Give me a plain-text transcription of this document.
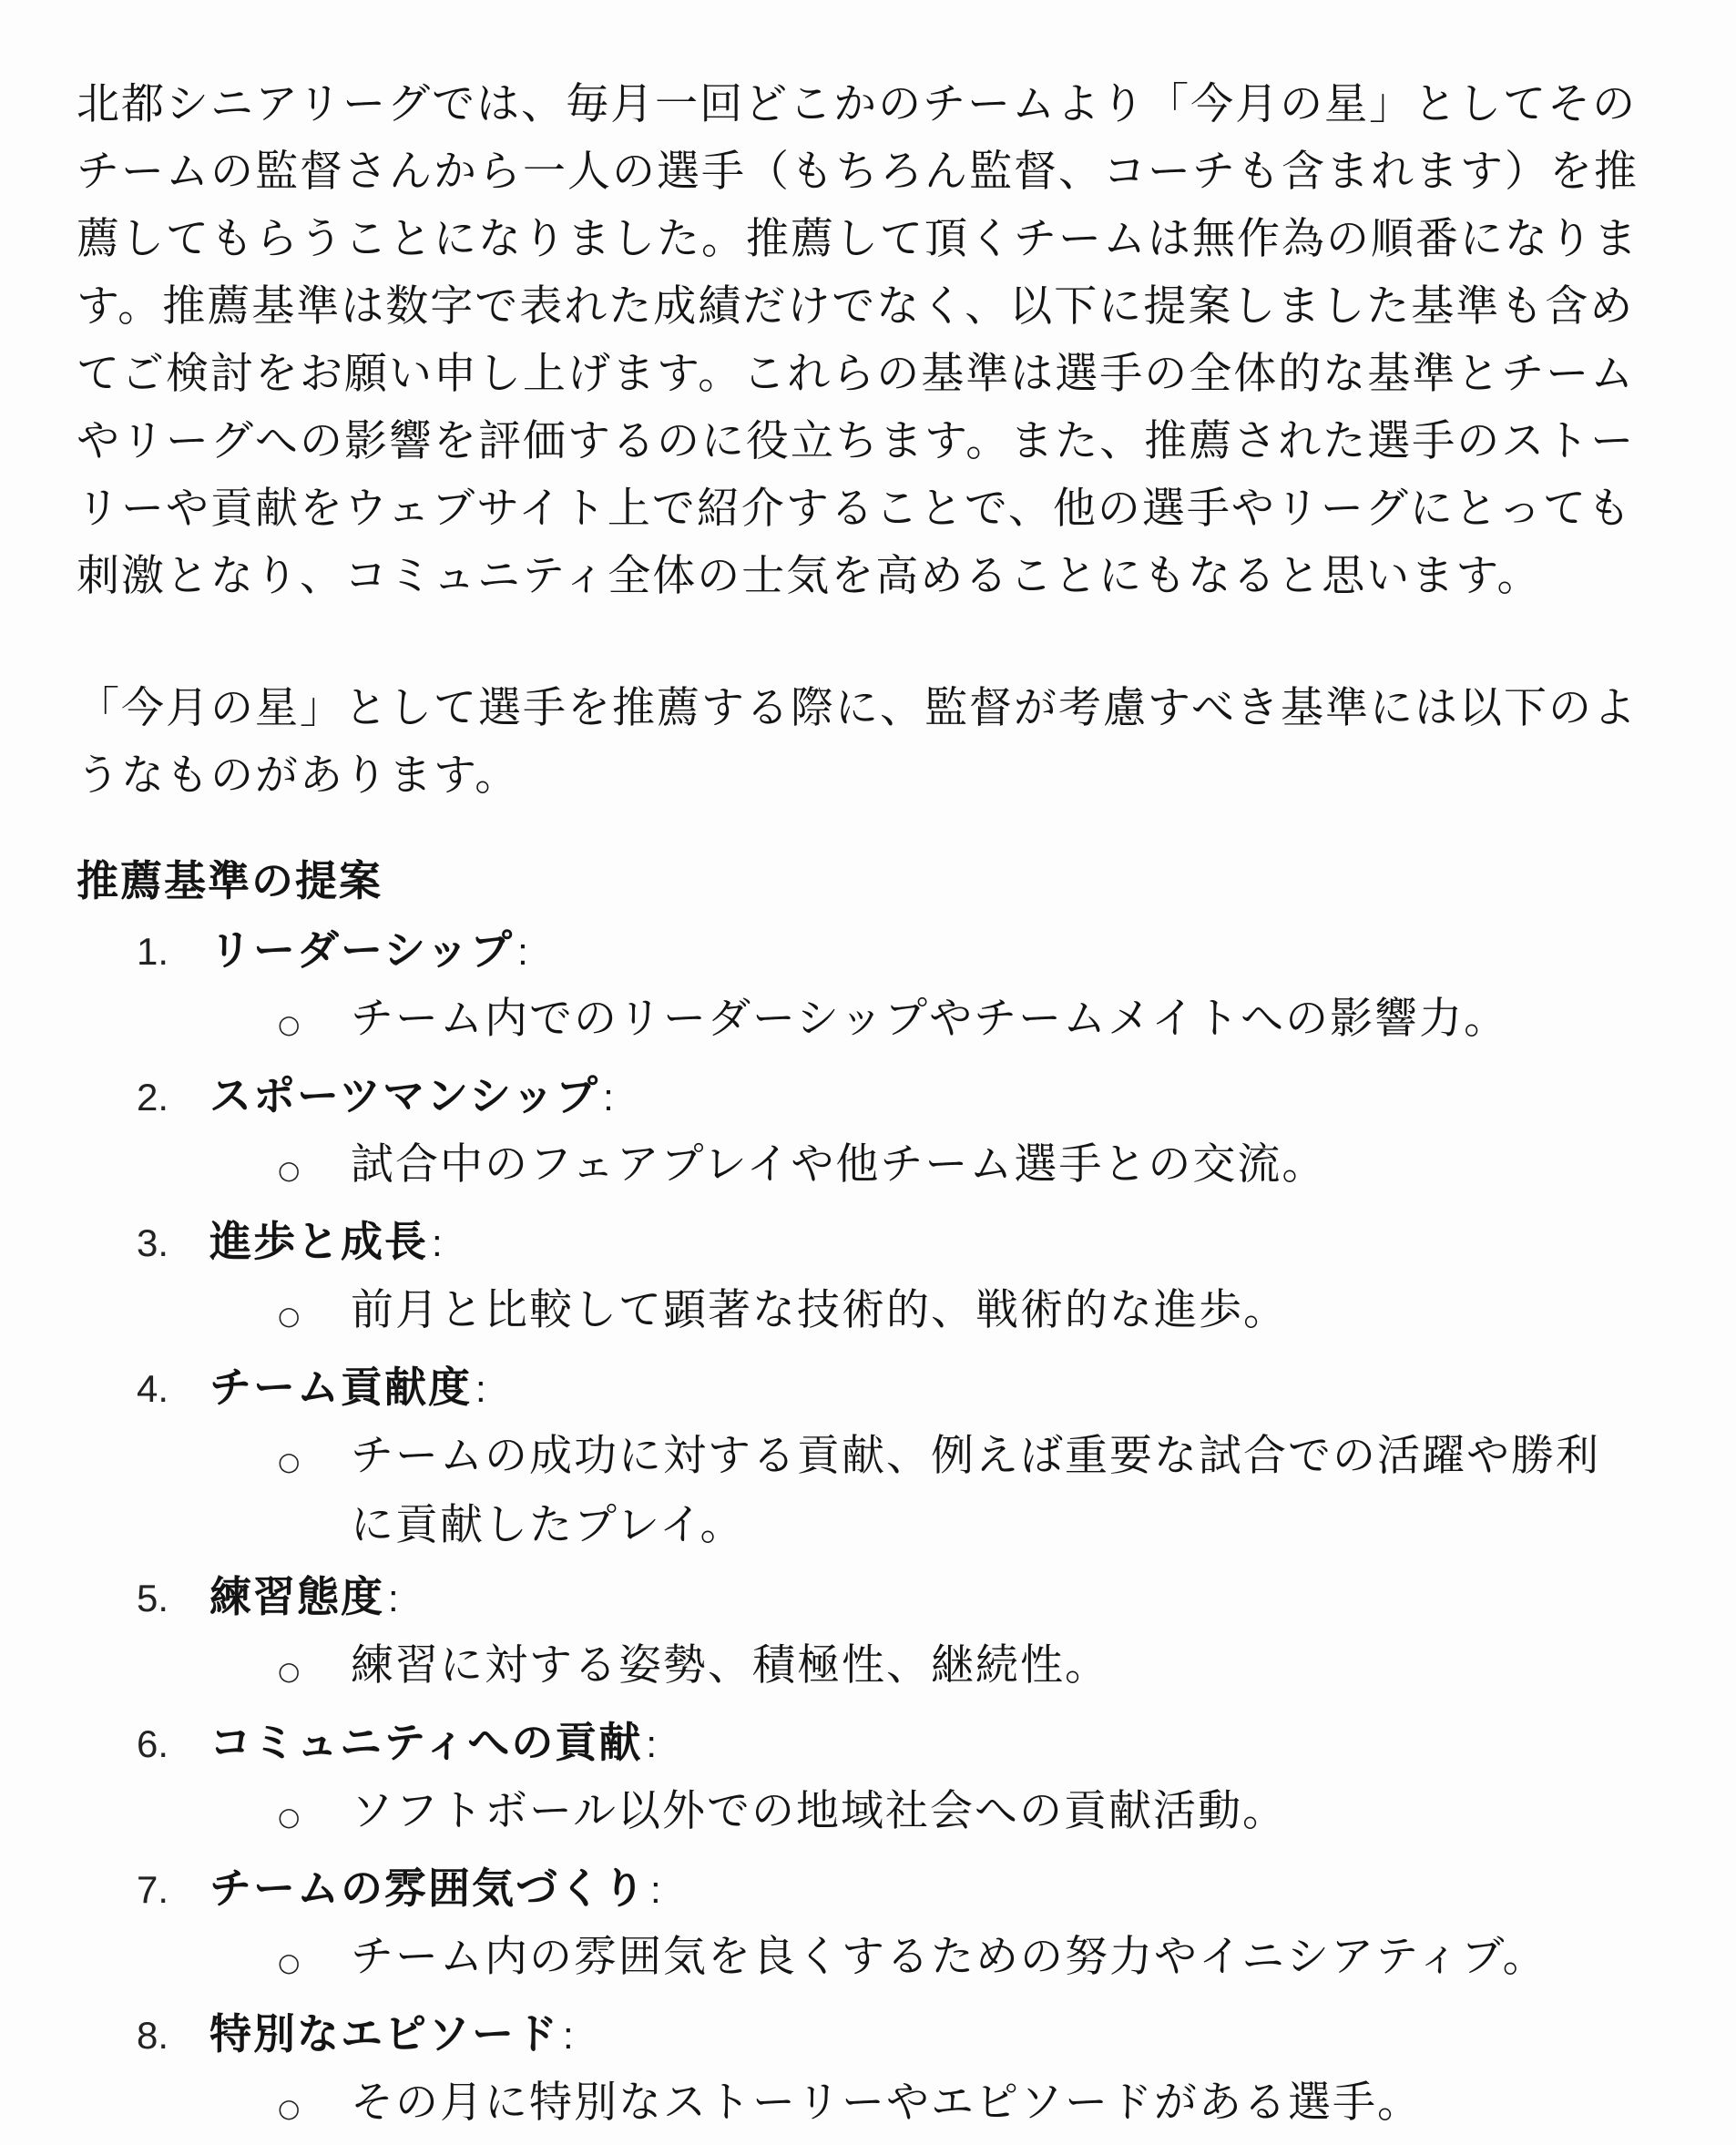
北都シニアリーグでは、毎月一回どこかのチームより「今月の星」としてそのチームの監督さんから一人の選手（もちろん監督、コーチも含まれます）を推薦してもらうことになりました。推薦して頂くチームは無作為の順番になります。推薦基準は数字で表れた成績だけでなく、以下に提案しました基準も含めてご検討をお願い申し上げます。これらの基準は選手の全体的な基準とチームやリーグへの影響を評価するのに役立ちます。また、推薦された選手のストーリーや貢献をウェブサイト上で紹介することで、他の選手やリーグにとっても刺激となり、コミュニティ全体の士気を高めることにもなると思います。

「今月の星」として選手を推薦する際に、監督が考慮すべき基準には以下のようなものがあります。

推薦基準の提案
1. リーダーシップ :
○	チーム内でのリーダーシップやチームメイトへの影響力。
2. スポーツマンシップ :
○	試合中のフェアプレイや他チーム選手との交流。
3. 進歩と成長 :
○	前月と比較して顕著な技術的、戦術的な進歩。
4. チーム貢献度 :
○	チームの成功に対する貢献、例えば重要な試合での活躍や勝利に貢献したプレイ。
5. 練習態度 :
○	練習に対する姿勢、積極性、継続性。
6. コミュニティへの貢献 :
○	ソフトボール以外での地域社会への貢献活動。
7. チームの雰囲気づくり :
○	チーム内の雰囲気を良くするための努力やイニシアティブ。
8. 特別なエピソード :
○	その月に特別なストーリーやエピソードがある選手。
